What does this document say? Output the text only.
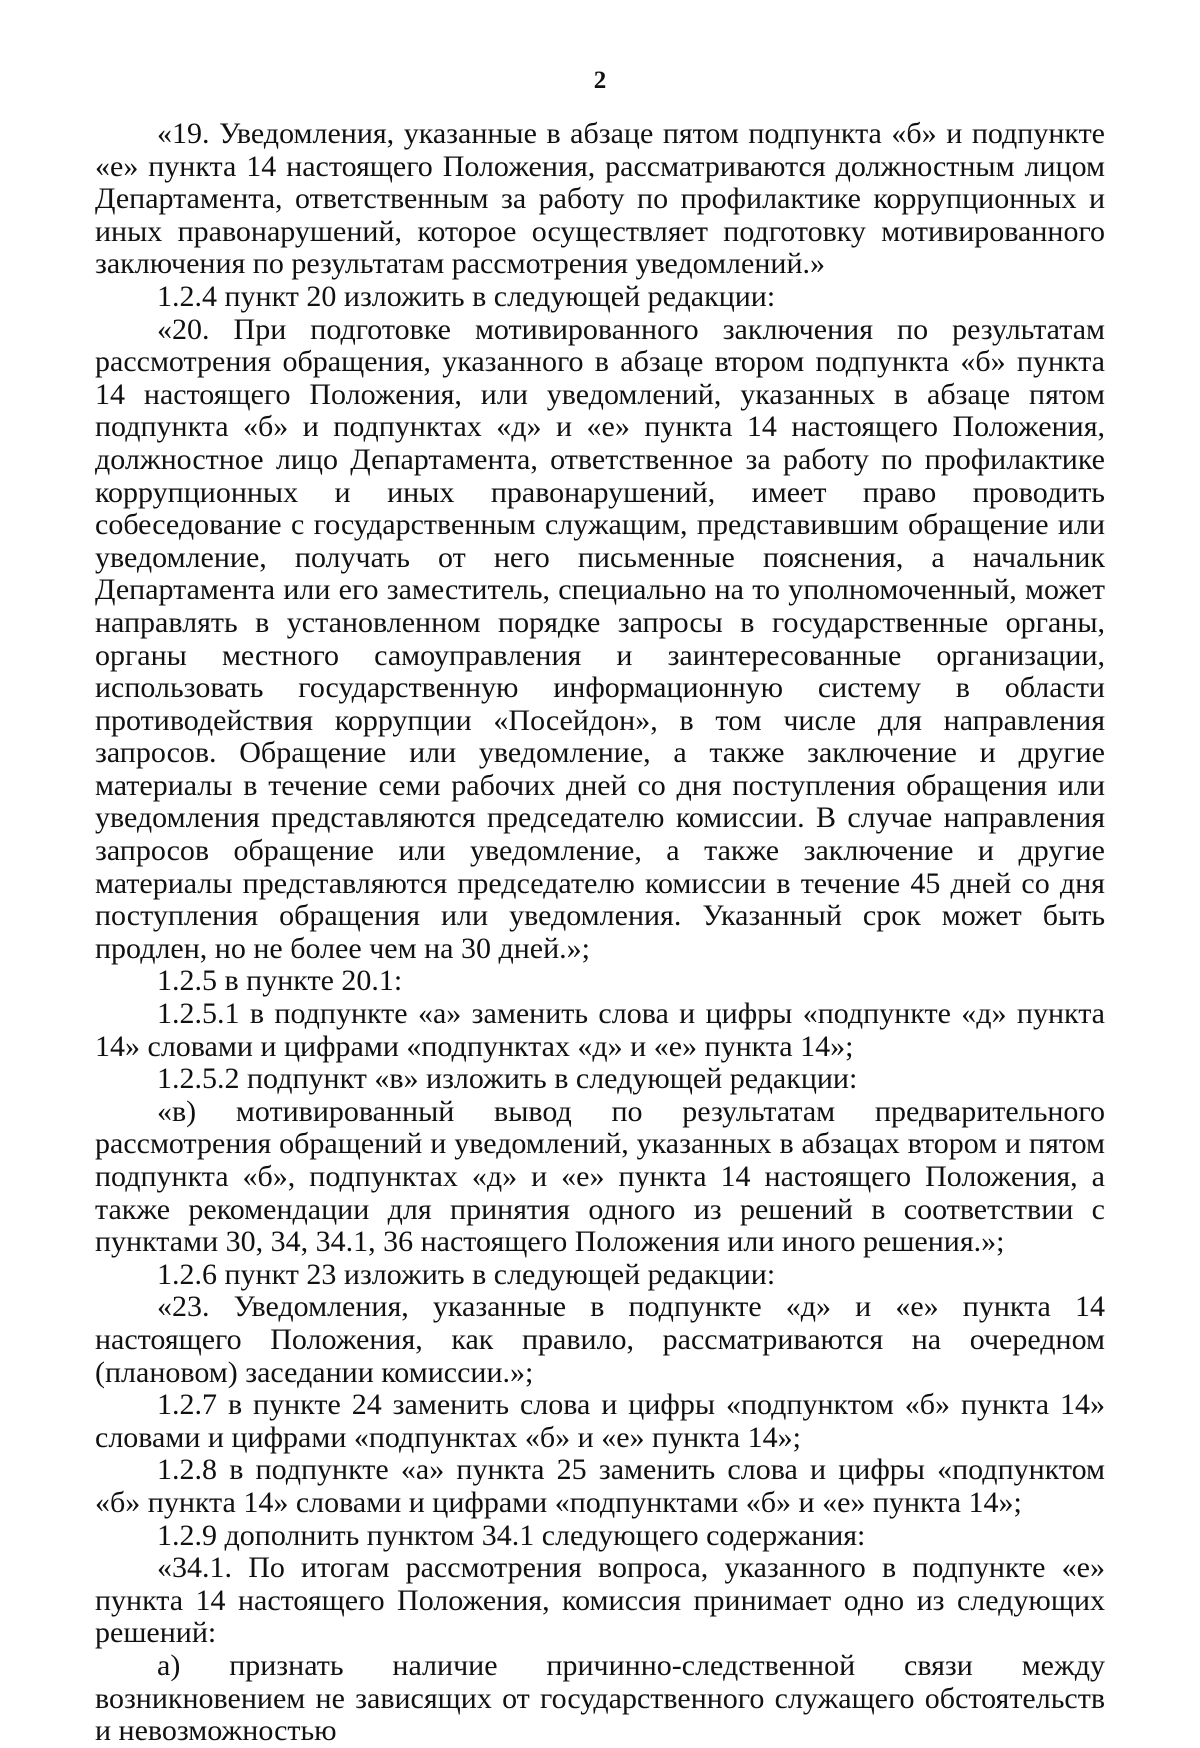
2

«19. Уведомления, указанные в абзаце пятом подпункта «б» и подпункте «е» пункта 14 настоящего Положения, рассматриваются должностным лицом Департамента, ответственным за работу по профилактике коррупционных и иных правонарушений, которое осуществляет подготовку мотивированного заключения по результатам рассмотрения уведомлений.»

1.2.4 пункт 20 изложить в следующей редакции:

«20. При подготовке мотивированного заключения по результатам рассмотрения обращения, указанного в абзаце втором подпункта «б» пункта 14 настоящего Положения, или уведомлений, указанных в абзаце пятом подпункта «б» и подпунктах «д» и «е» пункта 14 настоящего Положения, должностное лицо Департамента, ответственное за работу по профилактике коррупционных и иных правонарушений, имеет право проводить собеседование с государственным служащим, представившим обращение или уведомление, получать от него письменные пояснения, а начальник Департамента или его заместитель, специально на то уполномоченный, может направлять в установленном порядке запросы в государственные органы, органы местного самоуправления и заинтересованные организации, использовать государственную информационную систему в области противодействия коррупции «Посейдон», в том числе для направления запросов. Обращение или уведомление, а также заключение и другие материалы в течение семи рабочих дней со дня поступления обращения или уведомления представляются председателю комиссии. В случае направления запросов обращение или уведомление, а также заключение и другие материалы представляются председателю комиссии в течение 45 дней со дня поступления обращения или уведомления. Указанный срок может быть продлен, но не более чем на 30 дней.»;

1.2.5 в пункте 20.1:

1.2.5.1 в подпункте «а» заменить слова и цифры «подпункте «д» пункта 14» словами и цифрами «подпунктах «д» и «е» пункта 14»;

1.2.5.2 подпункт «в» изложить в следующей редакции:

«в) мотивированный вывод по результатам предварительного рассмотрения обращений и уведомлений, указанных в абзацах втором и пятом подпункта «б», подпунктах «д» и «е» пункта 14 настоящего Положения, а также рекомендации для принятия одного из решений в соответствии с пунктами 30, 34, 34.1, 36 настоящего Положения или иного решения.»;

1.2.6 пункт 23 изложить в следующей редакции:

«23. Уведомления, указанные в подпункте «д» и «е» пункта 14 настоящего Положения, как правило, рассматриваются на очередном (плановом) заседании комиссии.»;

1.2.7 в пункте 24 заменить слова и цифры «подпунктом «б» пункта 14» словами и цифрами «подпунктах «б» и «е» пункта 14»;

1.2.8 в подпункте «а» пункта 25 заменить слова и цифры «подпунктом «б» пункта 14» словами и цифрами «подпунктами «б» и «е» пункта 14»;

1.2.9 дополнить пунктом 34.1 следующего содержания:

«34.1. По итогам рассмотрения вопроса, указанного в подпункте «е» пункта 14 настоящего Положения, комиссия принимает одно из следующих решений:

а) признать наличие причинно-следственной связи между возникновением не зависящих от государственного служащего обстоятельств и невозможностью
